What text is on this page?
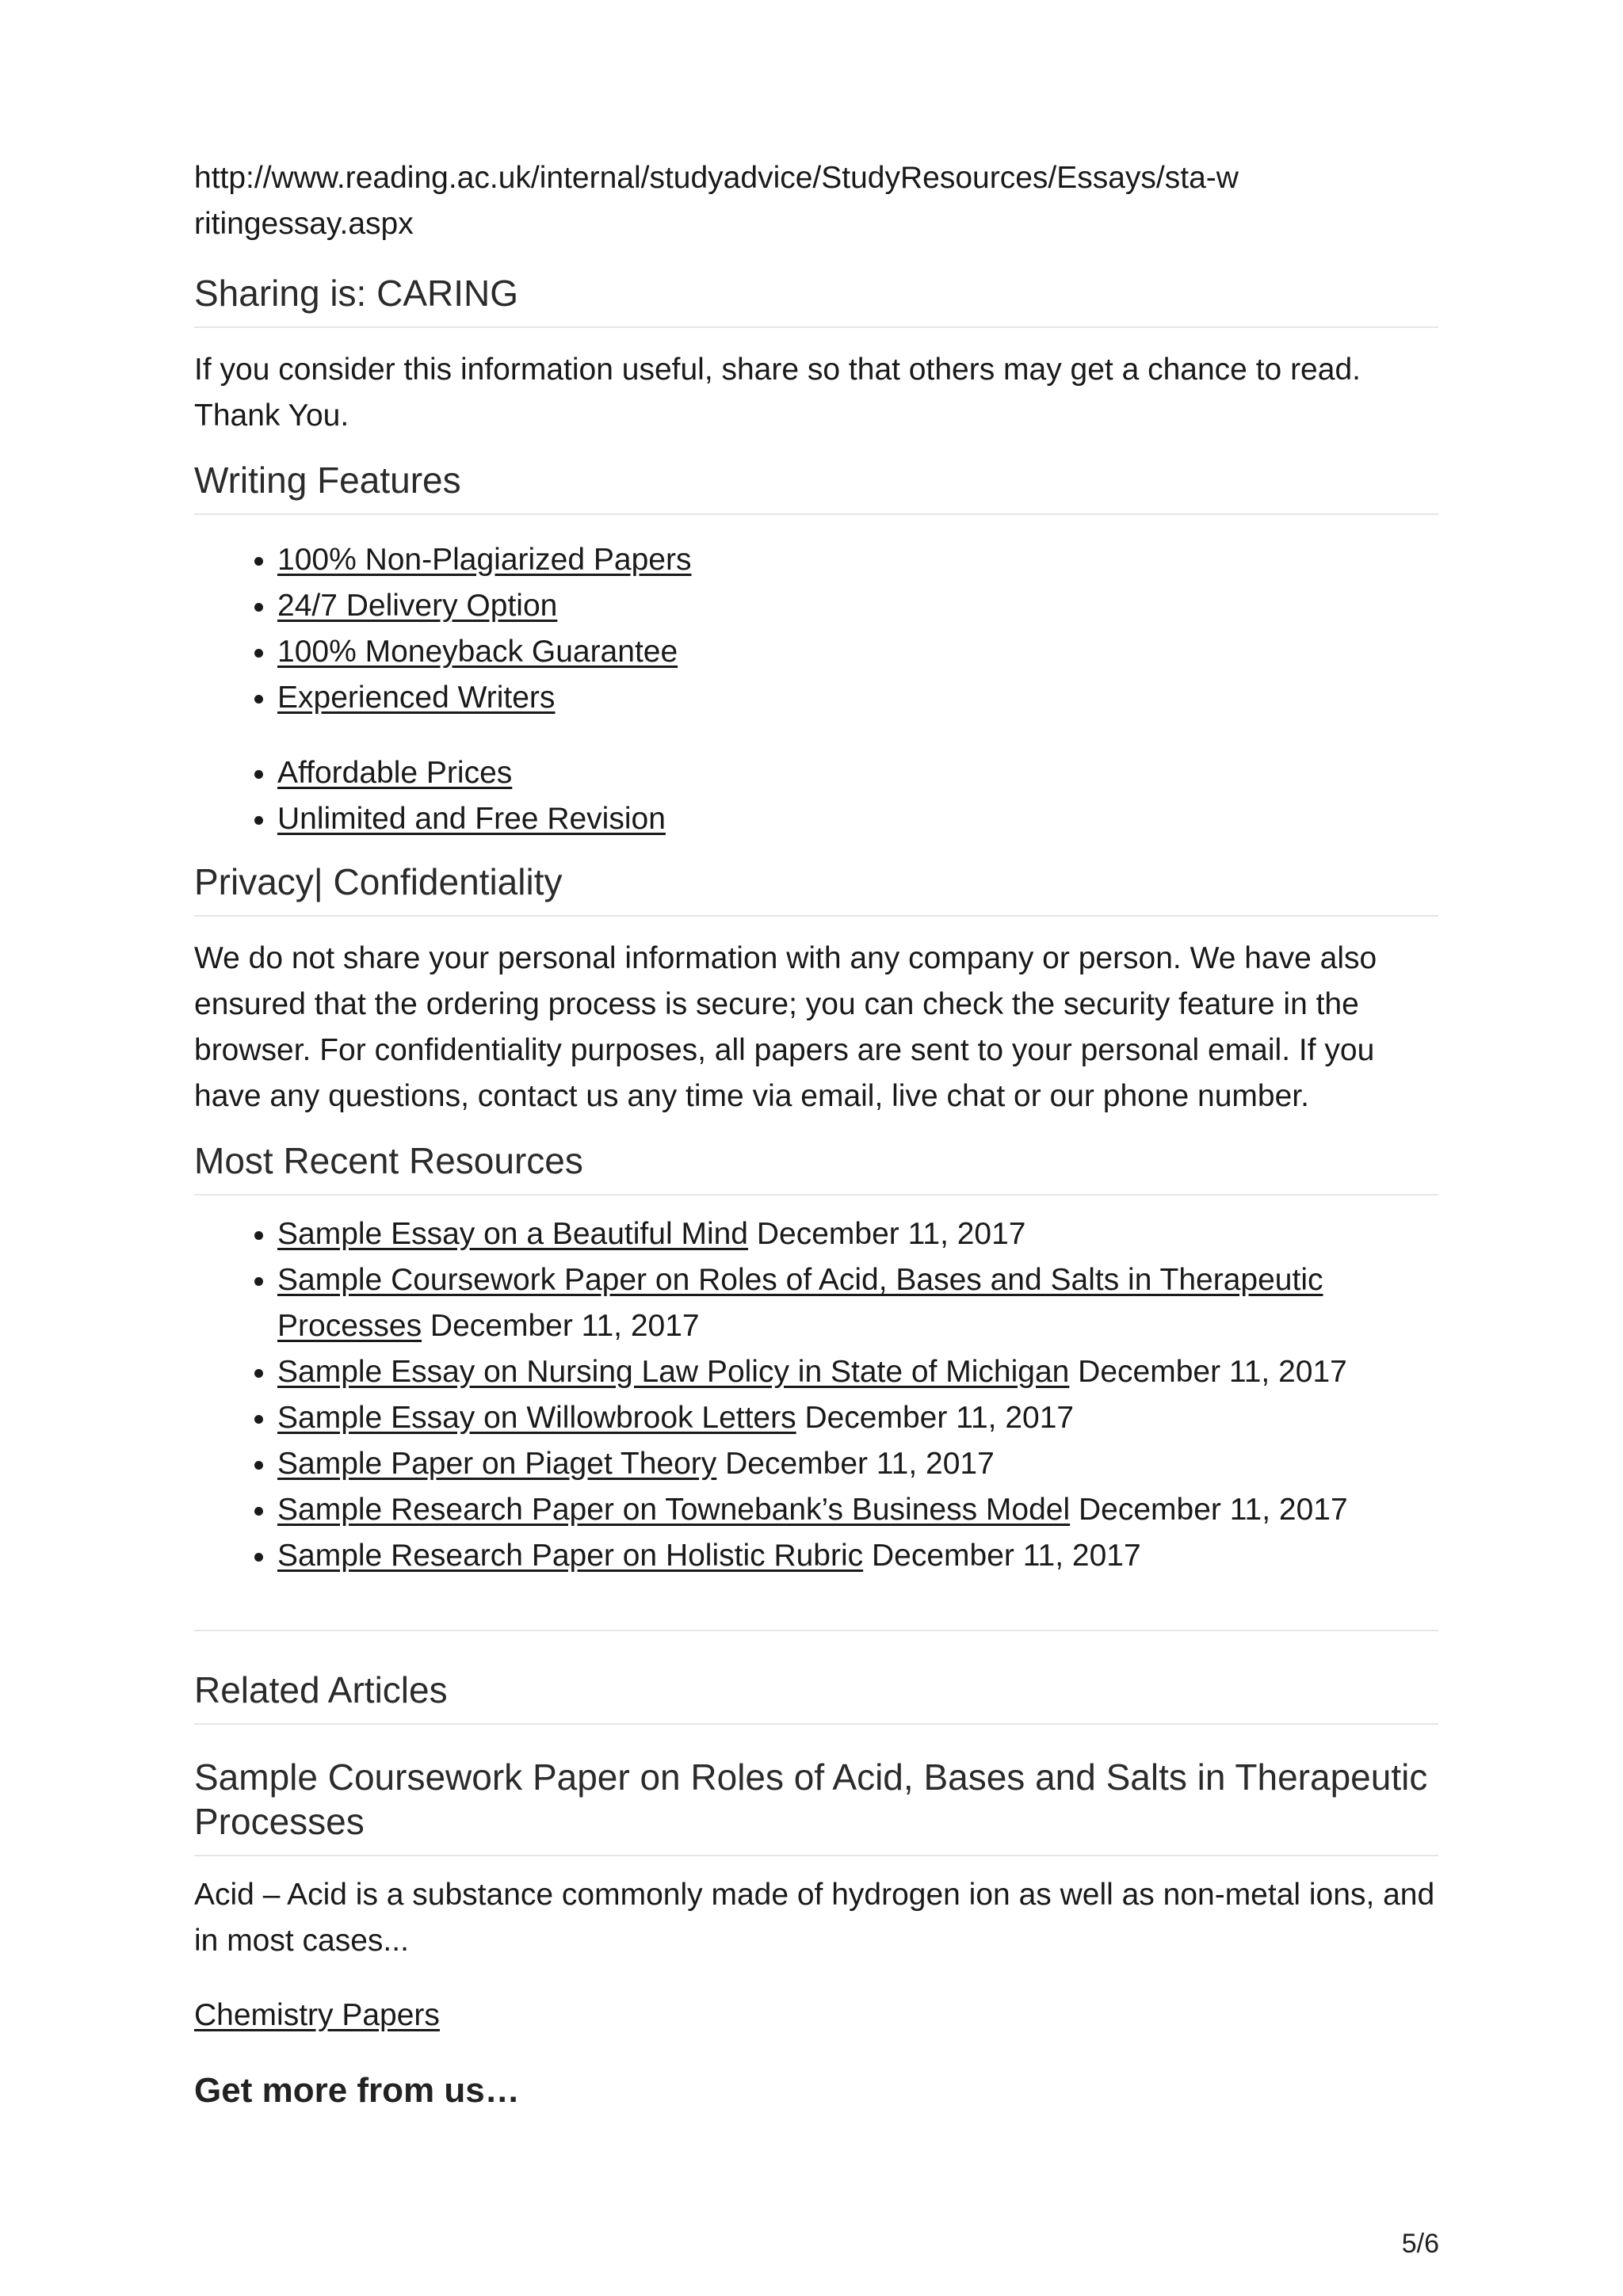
http://www.reading.ac.uk/internal/studyadvice/StudyResources/Essays/sta-writingessay.aspx

Sharing is: CARING

If you consider this information useful, share so that others may get a chance to read. Thank You.

Writing Features
• 100% Non-Plagiarized Papers
• 24/7 Delivery Option
• 100% Moneyback Guarantee
• Experienced Writers
• Affordable Prices
• Unlimited and Free Revision
Privacy| Confidentiality

We do not share your personal information with any company or person. We have also ensured that the ordering process is secure; you can check the security feature in the browser. For confidentiality purposes, all papers are sent to your personal email. If you have any questions, contact us any time via email, live chat or our phone number.

Most Recent Resources
• Sample Essay on a Beautiful Mind December 11, 2017
• Sample Coursework Paper on Roles of Acid, Bases and Salts in Therapeutic Processes December 11, 2017
• Sample Essay on Nursing Law Policy in State of Michigan December 11, 2017
• Sample Essay on Willowbrook Letters December 11, 2017
• Sample Paper on Piaget Theory December 11, 2017
• Sample Research Paper on Townebank’s Business Model December 11, 2017
• Sample Research Paper on Holistic Rubric December 11, 2017
Related Articles
Sample Coursework Paper on Roles of Acid, Bases and Salts in Therapeutic Processes

Acid – Acid is a substance commonly made of hydrogen ion as well as non-metal ions, and in most cases...

Chemistry Papers

Get more from us…
5/6
